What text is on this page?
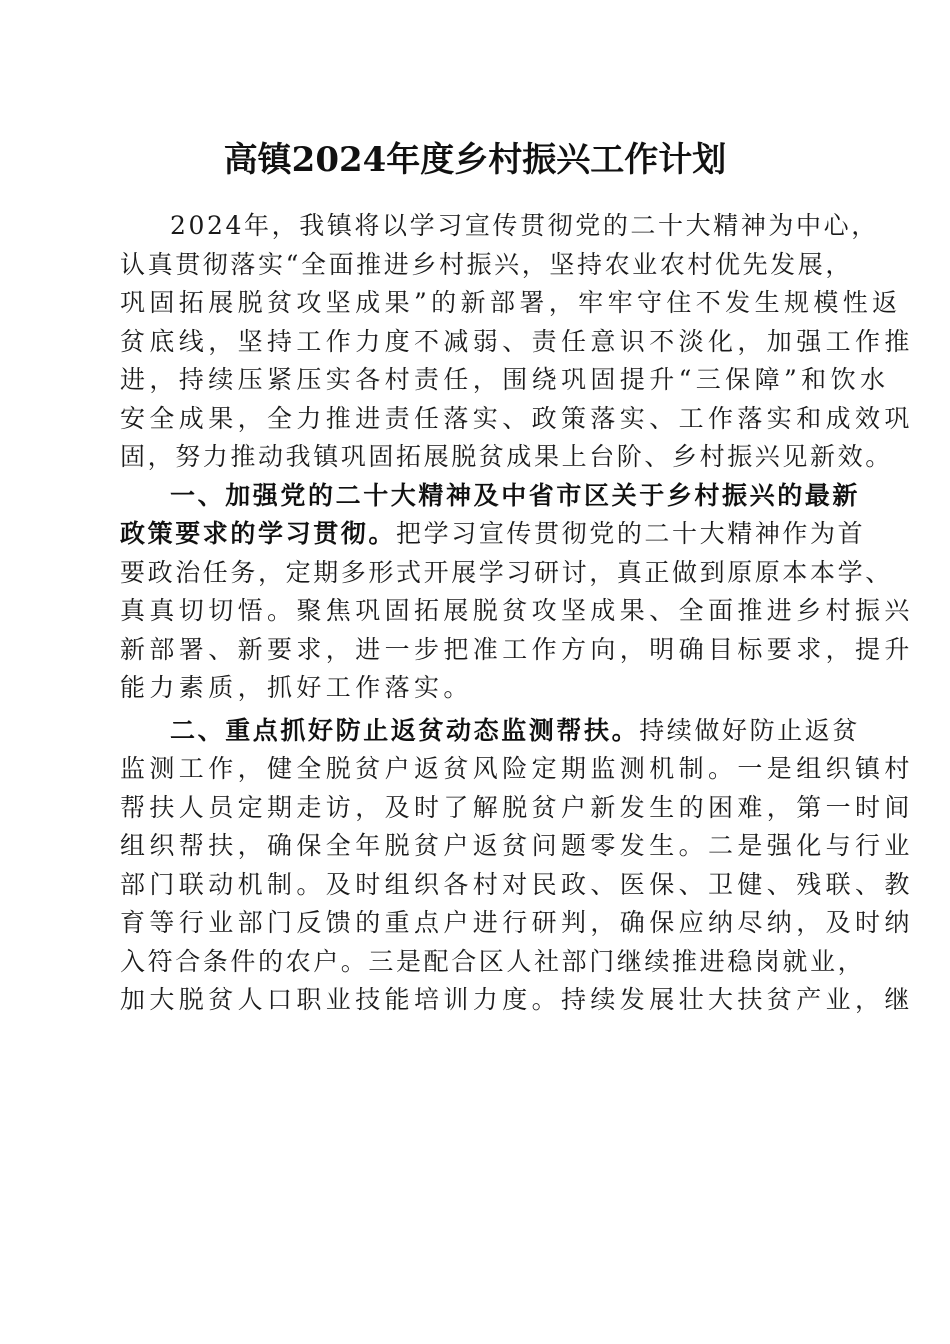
高镇2024年度乡村振兴工作计划
2024年，我镇将以学习宣传贯彻党的二十大精神为中心，
认真贯彻落实“全面推进乡村振兴，坚持农业农村优先发展，
巩固拓展脱贫攻坚成果”的新部署，牢牢守住不发生规模性返
贫底线，坚持工作力度不减弱、责任意识不淡化，加强工作推
进，持续压紧压实各村责任，围绕巩固提升“三保障”和饮水
安全成果，全力推进责任落实、政策落实、工作落实和成效巩
固，努力推动我镇巩固拓展脱贫成果上台阶、乡村振兴见新效。
一、加强党的二十大精神及中省市区关于乡村振兴的最新
政策要求的学习贯彻。把学习宣传贯彻党的二十大精神作为首
要政治任务，定期多形式开展学习研讨，真正做到原原本本学、
真真切切悟。聚焦巩固拓展脱贫攻坚成果、全面推进乡村振兴
新部署、新要求，进一步把准工作方向，明确目标要求，提升
能力素质，抓好工作落实。
二、重点抓好防止返贫动态监测帮扶。持续做好防止返贫
监测工作，健全脱贫户返贫风险定期监测机制。一是组织镇村
帮扶人员定期走访，及时了解脱贫户新发生的困难，第一时间
组织帮扶，确保全年脱贫户返贫问题零发生。二是强化与行业
部门联动机制。及时组织各村对民政、医保、卫健、残联、教
育等行业部门反馈的重点户进行研判，确保应纳尽纳，及时纳
入符合条件的农户。三是配合区人社部门继续推进稳岗就业，
加大脱贫人口职业技能培训力度。持续发展壮大扶贫产业，继
